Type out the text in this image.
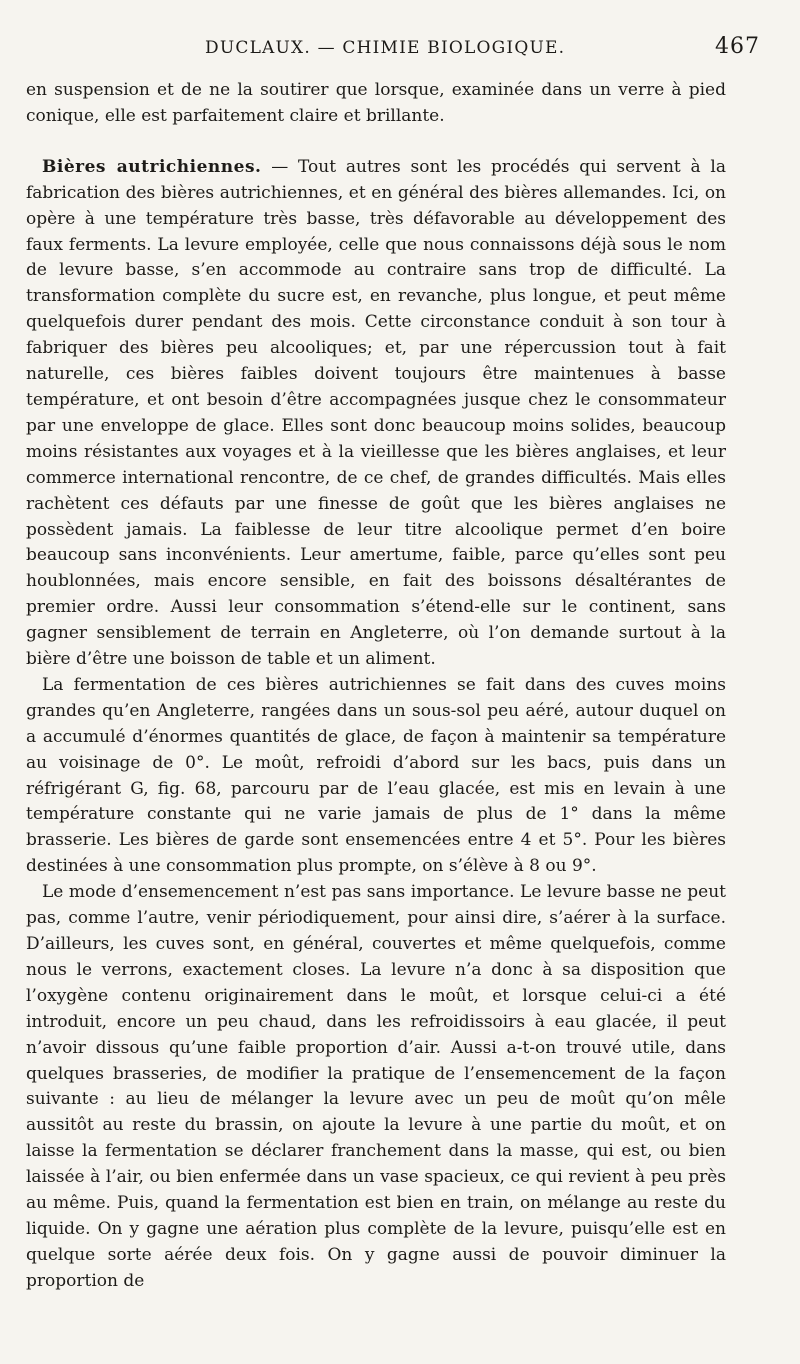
DUCLAUX. — CHIMIE BIOLOGIQUE.	467

en suspension et de ne la soutirer que lorsque, examinée dans un verre à pied conique, elle est parfaitement claire et brillante.

Bières autrichiennes. — Tout autres sont les procédés qui servent à la fabrication des bières autrichiennes, et en général des bières allemandes. Ici, on opère à une température très basse, très défavorable au développement des faux ferments. La levure employée, celle que nous connaissons déjà sous le nom de levure basse, s’en accommode au contraire sans trop de difficulté. La transformation complète du sucre est, en revanche, plus longue, et peut même quelquefois durer pendant des mois. Cette circonstance conduit à son tour à fabriquer des bières peu alcooliques; et, par une répercussion tout à fait naturelle, ces bières faibles doivent toujours être maintenues à basse température, et ont besoin d’être accompagnées jusque chez le consommateur par une enveloppe de glace. Elles sont donc beaucoup moins solides, beaucoup moins résistantes aux voyages et à la vieillesse que les bières anglaises, et leur commerce international rencontre, de ce chef, de grandes difficultés. Mais elles rachètent ces défauts par une finesse de goût que les bières anglaises ne possèdent jamais. La faiblesse de leur titre alcoolique permet d’en boire beaucoup sans inconvénients. Leur amertume, faible, parce qu’elles sont peu houblonnées, mais encore sensible, en fait des boissons désaltérantes de premier ordre. Aussi leur consommation s’étend-elle sur le continent, sans gagner sensiblement de terrain en Angleterre, où l’on demande surtout à la bière d’être une boisson de table et un aliment.

La fermentation de ces bières autrichiennes se fait dans des cuves moins grandes qu’en Angleterre, rangées dans un sous-sol peu aéré, autour duquel on a accumulé d’énormes quantités de glace, de façon à maintenir sa température au voisinage de 0°. Le moût, refroidi d’abord sur les bacs, puis dans un réfrigérant G, fig. 68, parcouru par de l’eau glacée, est mis en levain à une température constante qui ne varie jamais de plus de 1° dans la même brasserie. Les bières de garde sont ensemencées entre 4 et 5°. Pour les bières destinées à une consommation plus prompte, on s’élève à 8 ou 9°.

Le mode d’ensemencement n’est pas sans importance. Le levure basse ne peut pas, comme l’autre, venir périodiquement, pour ainsi dire, s’aérer à la surface. D’ailleurs, les cuves sont, en général, couvertes et même quelquefois, comme nous le verrons, exactement closes. La levure n’a donc à sa disposition que l’oxygène contenu originairement dans le moût, et lorsque celui-ci a été introduit, encore un peu chaud, dans les refroidissoirs à eau glacée, il peut n’avoir dissous qu’une faible proportion d’air. Aussi a-t-on trouvé utile, dans quelques brasseries, de modifier la pratique de l’ensemencement de la façon suivante : au lieu de mélanger la levure avec un peu de moût qu’on mêle aussitôt au reste du brassin, on ajoute la levure à une partie du moût, et on laisse la fermentation se déclarer franchement dans la masse, qui est, ou bien laissée à l’air, ou bien enfermée dans un vase spacieux, ce qui revient à peu près au même. Puis, quand la fermentation est bien en train, on mélange au reste du liquide. On y gagne une aération plus complète de la levure, puisqu’elle est en quelque sorte aérée deux fois. On y gagne aussi de pouvoir diminuer la proportion de
